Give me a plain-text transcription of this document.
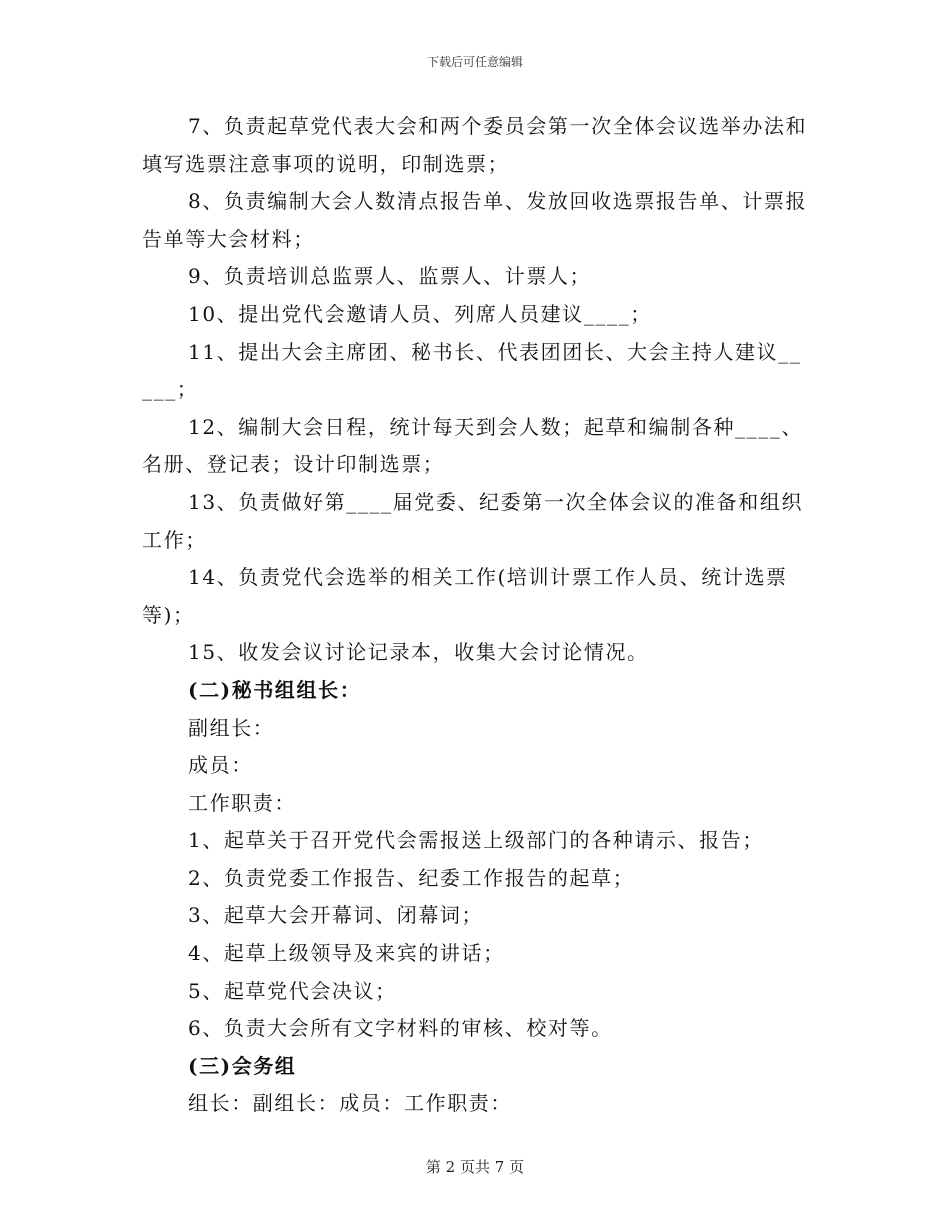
下载后可任意编辑

7、负责起草党代表大会和两个委员会第一次全体会议选举办法和填写选票注意事项的说明，印制选票；

8、负责编制大会人数清点报告单、发放回收选票报告单、计票报告单等大会材料；

9、负责培训总监票人、监票人、计票人；

10、提出党代会邀请人员、列席人员建议____；

11、提出大会主席团、秘书长、代表团团长、大会主持人建议_____；

12、编制大会日程，统计每天到会人数；起草和编制各种____、名册、登记表；设计印制选票；

13、负责做好第____届党委、纪委第一次全体会议的准备和组织工作；

14、负责党代会选举的相关工作(培训计票工作人员、统计选票等)；

15、收发会议讨论记录本，收集大会讨论情况。

(二)秘书组组长：

副组长：

成员：

工作职责：

1、起草关于召开党代会需报送上级部门的各种请示、报告；

2、负责党委工作报告、纪委工作报告的起草；

3、起草大会开幕词、闭幕词；

4、起草上级领导及来宾的讲话；

5、起草党代会决议；

6、负责大会所有文字材料的审核、校对等。

(三)会务组

组长：副组长：成员：工作职责：

第 2 页共 7 页
